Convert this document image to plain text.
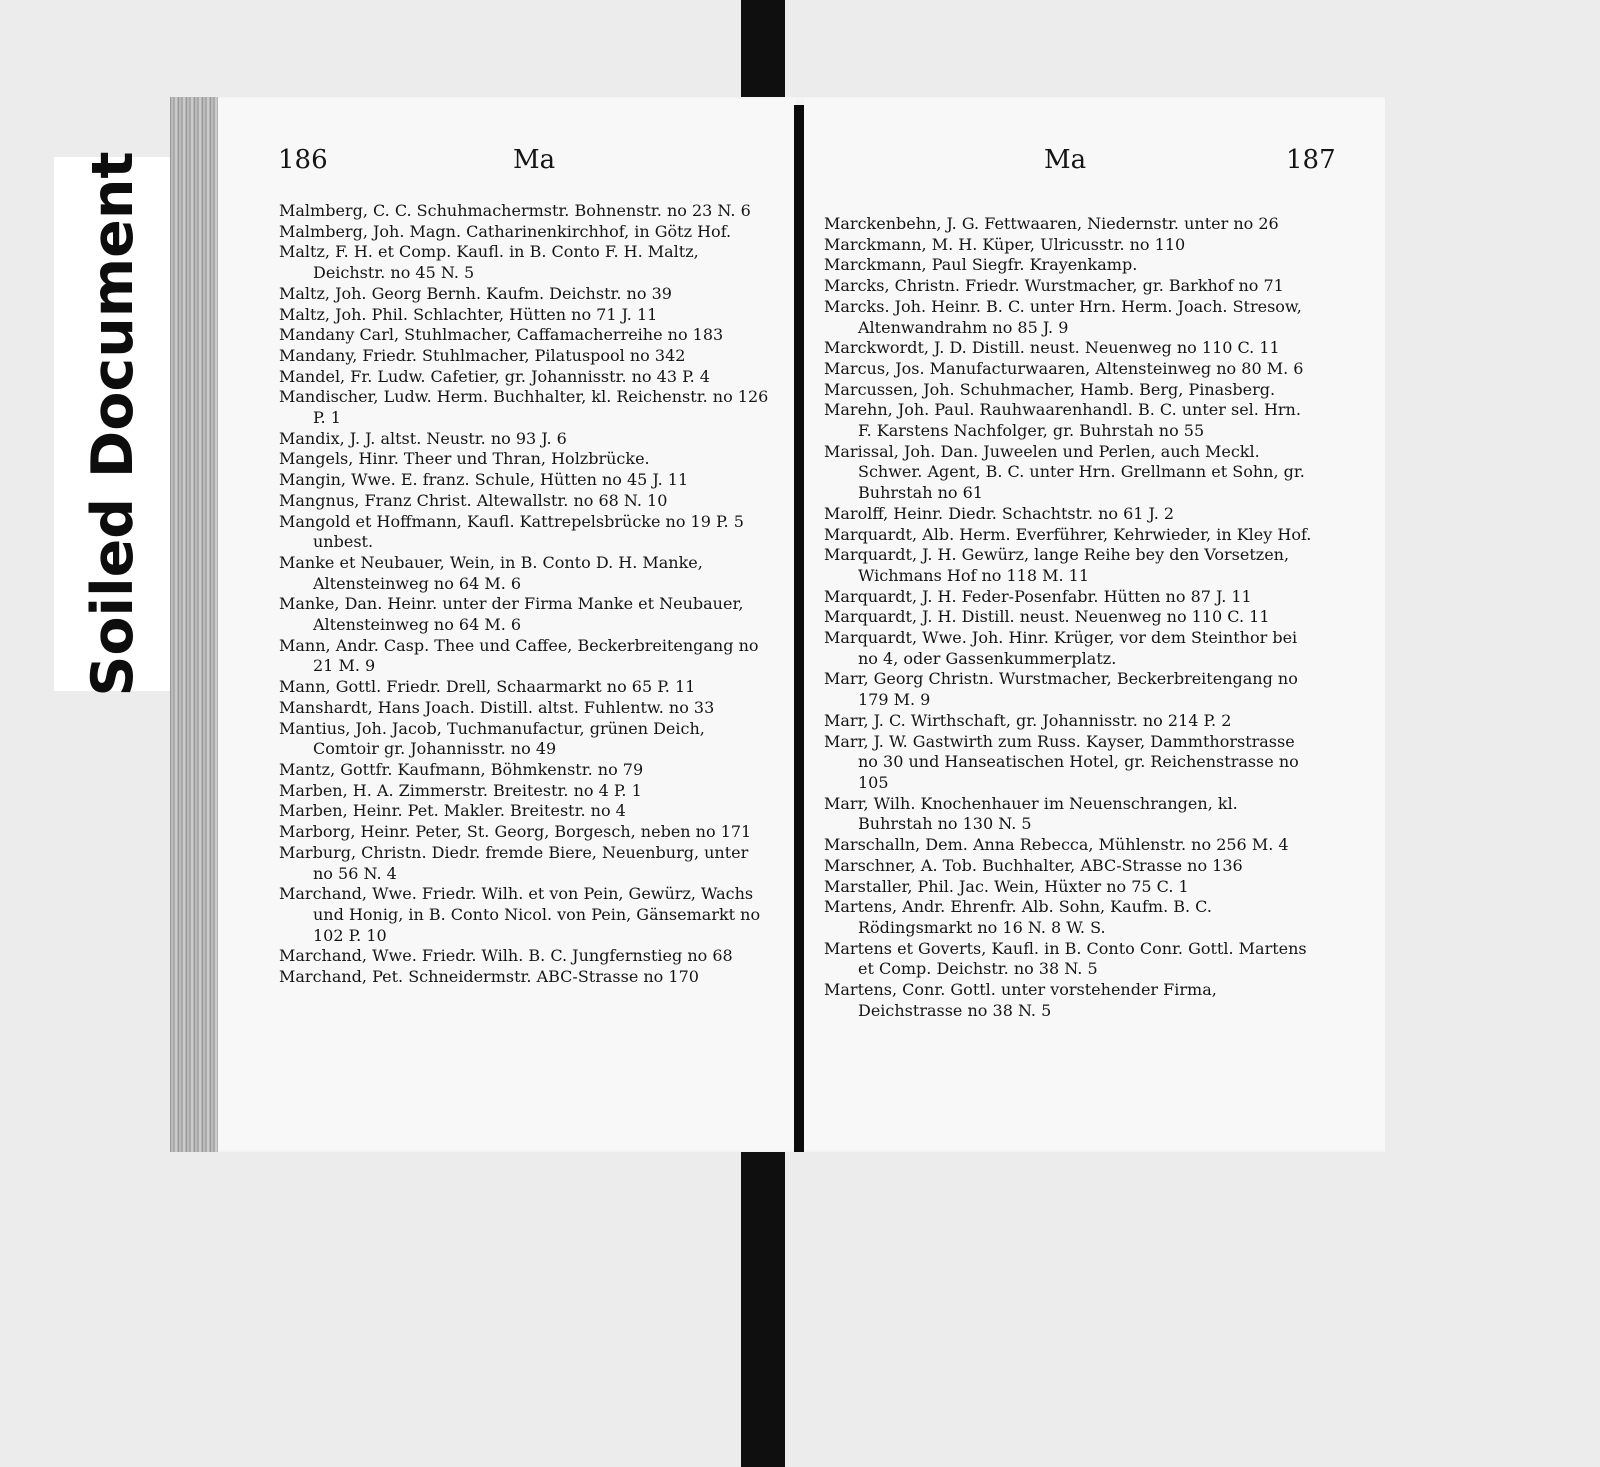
Soiled Document	186	Ma
Malmberg, C. C. Schuhmachermstr. Bohnenstr. no 23 N. 6
Malmberg, Joh. Magn. Catharinenkirchhof, in Götz Hof.
Maltz, F. H. et Comp. Kaufl. in B. Conto F. H. Maltz, Deichstr. no 45 N. 5
Maltz, Joh. Georg Bernh. Kaufm. Deichstr. no 39
Maltz, Joh. Phil. Schlachter, Hütten no 71 J. 11
Mandany Carl, Stuhlmacher, Caffamacherreihe no 183
Mandany, Friedr. Stuhlmacher, Pilatuspool no 342
Mandel, Fr. Ludw. Cafetier, gr. Johannisstr. no 43 P. 4
Mandischer, Ludw. Herm. Buchhalter, kl. Reichenstr. no 126 P. 1
Mandix, J. J. altst. Neustr. no 93 J. 6
Mangels, Hinr. Theer und Thran, Holzbrücke.
Mangin, Wwe. E. franz. Schule, Hütten no 45 J. 11
Mangnus, Franz Christ. Altewallstr. no 68 N. 10
Mangold et Hoffmann, Kaufl. Kattrepelsbrücke no 19 P. 5 unbest.
Manke et Neubauer, Wein, in B. Conto D. H. Manke, Altensteinweg no 64 M. 6
Manke, Dan. Heinr. unter der Firma Manke et Neubauer, Altensteinweg no 64 M. 6
Mann, Andr. Casp. Thee und Caffee, Beckerbreitengang no 21 M. 9
Mann, Gottl. Friedr. Drell, Schaarmarkt no 65 P. 11
Manshardt, Hans Joach. Distill. altst. Fuhlentw. no 33
Mantius, Joh. Jacob, Tuchmanufactur, grünen Deich, Comtoir gr. Johannisstr. no 49
Mantz, Gottfr. Kaufmann, Böhmkenstr. no 79
Marben, H. A. Zimmerstr. Breitestr. no 4 P. 1
Marben, Heinr. Pet. Makler. Breitestr. no 4
Marborg, Heinr. Peter, St. Georg, Borgesch, neben no 171
Marburg, Christn. Diedr. fremde Biere, Neuenburg, unter no 56 N. 4
Marchand, Wwe. Friedr. Wilh. et von Pein, Gewürz, Wachs und Honig, in B. Conto Nicol. von Pein, Gänsemarkt no 102 P. 10
Marchand, Wwe. Friedr. Wilh. B. C. Jungfernstieg no 68
Marchand, Pet. Schneidermstr. ABC-Strasse no 170
Ma	187
Marckenbehn, J. G. Fettwaaren, Niedernstr. unter no 26
Marckmann, M. H. Küper, Ulricusstr. no 110
Marckmann, Paul Siegfr. Krayenkamp.
Marcks, Christn. Friedr. Wurstmacher, gr. Barkhof no 71
Marcks. Joh. Heinr. B. C. unter Hrn. Herm. Joach. Stresow, Altenwandrahm no 85 J. 9
Marckwordt, J. D. Distill. neust. Neuenweg no 110 C. 11
Marcus, Jos. Manufacturwaaren, Altensteinweg no 80 M. 6
Marcussen, Joh. Schuhmacher, Hamb. Berg, Pinasberg.
Marehn, Joh. Paul. Rauhwaarenhandl. B. C. unter sel. Hrn. F. Karstens Nachfolger, gr. Buhrstah no 55
Marissal, Joh. Dan. Juweelen und Perlen, auch Meckl. Schwer. Agent, B. C. unter Hrn. Grellmann et Sohn, gr. Buhrstah no 61
Marolff, Heinr. Diedr. Schachtstr. no 61 J. 2
Marquardt, Alb. Herm. Everführer, Kehrwieder, in Kley Hof.
Marquardt, J. H. Gewürz, lange Reihe bey den Vorsetzen, Wichmans Hof no 118 M. 11
Marquardt, J. H. Feder-Posenfabr. Hütten no 87 J. 11
Marquardt, J. H. Distill. neust. Neuenweg no 110 C. 11
Marquardt, Wwe. Joh. Hinr. Krüger, vor dem Steinthor bei no 4, oder Gassenkummerplatz.
Marr, Georg Christn. Wurstmacher, Beckerbreitengang no 179 M. 9
Marr, J. C. Wirthschaft, gr. Johannisstr. no 214 P. 2
Marr, J. W. Gastwirth zum Russ. Kayser, Dammthorstrasse no 30 und Hanseatischen Hotel, gr. Reichenstrasse no 105
Marr, Wilh. Knochenhauer im Neuenschrangen, kl. Buhrstah no 130 N. 5
Marschalln, Dem. Anna Rebecca, Mühlenstr. no 256 M. 4
Marschner, A. Tob. Buchhalter, ABC-Strasse no 136
Marstaller, Phil. Jac. Wein, Hüxter no 75 C. 1
Martens, Andr. Ehrenfr. Alb. Sohn, Kaufm. B. C. Rödingsmarkt no 16 N. 8 W. S.
Martens et Goverts, Kaufl. in B. Conto Conr. Gottl. Martens et Comp. Deichstr. no 38 N. 5
Martens, Conr. Gottl. unter vorstehender Firma, Deichstrasse no 38 N. 5
